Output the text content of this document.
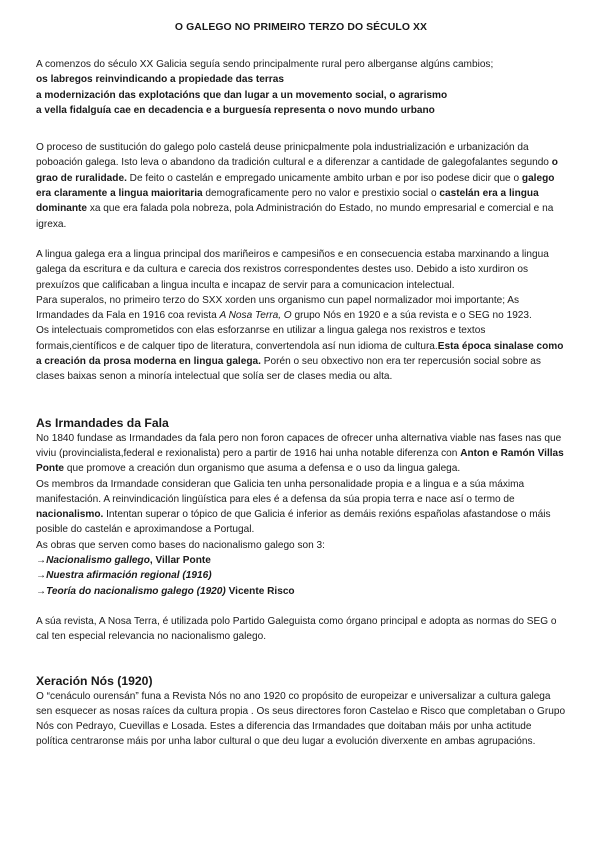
O GALEGO NO PRIMEIRO TERZO DO SÉCULO XX

A comenzos do século XX Galicia seguía sendo principalmente rural pero alberganse algúns cambios;
os labregos reinvindicando a propiedade das terras
a modernización das explotacións que dan lugar a un movemento social, o agrarismo
a vella fidalguía cae en decadencia e a burguesía representa o novo mundo urbano

O proceso de sustitución do galego polo castelá deuse prinicpalmente pola industrialización e urbanización da poboación galega. Isto leva o abandono da tradición cultural e a diferenzar a cantidade de galegofalantes segundo o grao de ruralidade. De feito o castelán e empregado unicamente ambito urban e por iso podese dicir que o galego era claramente a lingua maioritaria demograficamente pero no valor e prestixio social o castelán era a lingua dominante xa que era falada pola nobreza, pola Administración do Estado, no mundo empresarial e comercial e na igrexa.

A lingua galega era a lingua principal dos mariñeiros e campesiños e en consecuencia estaba marxinando a lingua galega da escritura e da cultura e carecia dos rexistros correspondentes destes uso. Debido a isto xurdiron os prexuízos que calificaban a lingua inculta e incapaz de servir para a comunicacion intelectual.
Para superalos, no primeiro terzo do SXX xorden uns organismo cun papel normalizador moi importante; As Irmandades da Fala en 1916 coa revista A Nosa Terra, O grupo Nós en 1920 e a súa revista e o SEG no 1923.
Os intelectuais comprometidos con elas esforzanrse en utilizar a lingua galega nos rexistros e textos formais,científicos e de calquer tipo de literatura, convertendola así nun idioma de cultura.Esta época sinalase como a creación da prosa moderna en lingua galega. Porén o seu obxectivo non era ter repercusión social sobre as clases baixas senon a minoría intelectual que solía ser de clases media ou alta.

As Irmandades da Fala

No 1840 fundase as Irmandades da fala pero non foron capaces de ofrecer unha alternativa viable nas fases nas que viviu (provincialista,federal e rexionalista) pero a partir de 1916 hai unha notable diferenza con Anton e Ramón Villas Ponte que promove a creación dun organismo que asuma a defensa e o uso da lingua galega.
Os membros da Irmandade consideran que Galicia ten unha personalidade propia e a lingua e a súa máxima manifestación. A reinvindicación lingüística para eles é a defensa da súa propia terra e nace así o termo de nacionalismo. Intentan superar o tópico de que Galicia é inferior as demáis rexións españolas afastandose o máis posible do castelán e aproximandose a Portugal.
As obras que serven como bases do nacionalismo galego son 3:
→Nacionalismo gallego, Villar Ponte
→Nuestra afirmación regional (1916)
→Teoría do nacionalismo galego (1920) Vicente Risco

A súa revista, A Nosa Terra, é utilizada polo Partido Galeguista como órgano principal e adopta as normas do SEG o cal ten especial relevancia no nacionalismo galego.

Xeración Nós (1920)

O “cenáculo ourensán” funa a Revista Nós no ano 1920 co propósito de europeizar e universalizar a cultura galega sen esquecer as nosas raíces da cultura propia . Os seus directores foron Castelao e Risco que completaban o Grupo Nós con Pedrayo, Cuevillas e Losada. Estes a diferencia das Irmandades que doitaban máis por unha actitude política centraronse máis por unha labor cultural o que deu lugar a evolución diverxente en ambas agrupacións.
